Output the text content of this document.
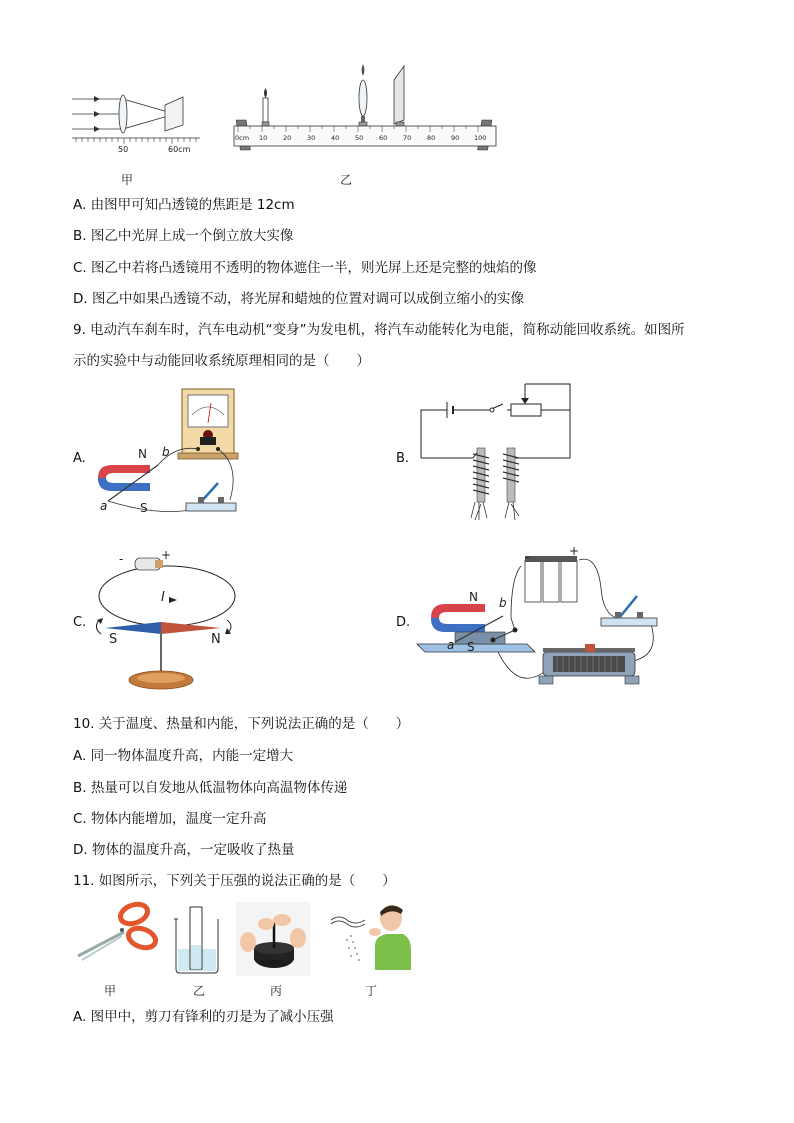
50	60cm
甲
0cm 10 20 30 40 50 60 70 80 90 100
乙
A. 由图甲可知凸透镜的焦距是 12cm
B. 图乙中光屏上成一个倒立放大实像
C. 图乙中若将凸透镜用不透明的物体遮住一半，则光屏上还是完整的烛焰的像
D. 图乙中如果凸透镜不动，将光屏和蜡烛的位置对调可以成倒立缩小的实像
9. 电动汽车刹车时，汽车电动机“变身”为发电机，将汽车动能转化为电能，简称动能回收系统。如图所
示的实验中与动能回收系统原理相同的是（　　）
A.	B.
C.	D.
N b
a	S
-	+
I
S	N
-	+
N b
a S
10. 关于温度、热量和内能，下列说法正确的是（　　）
A. 同一物体温度升高，内能一定增大
B. 热量可以自发地从低温物体向高温物体传递
C. 物体内能增加，温度一定升高
D. 物体的温度升高，一定吸收了热量
11. 如图所示，下列关于压强的说法正确的是（　　）
甲	乙	丙	丁
A. 图甲中，剪刀有锋利的刃是为了减小压强
